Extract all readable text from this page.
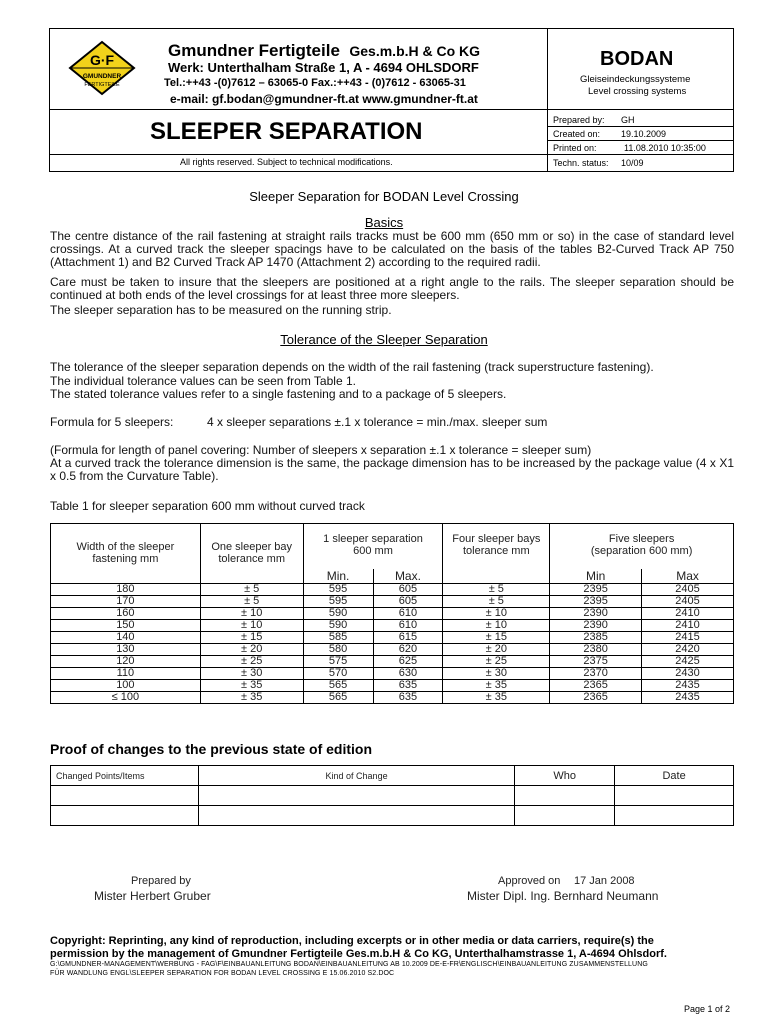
G·F
GMUNDNER
FERTIGTEILE
Gmundner Fertigteile Ges.m.b.H & Co KG
Werk: Unterthalham Straße 1, A - 4694 OHLSDORF
Tel.:++43 -(0)7612 – 63065-0 Fax.:++43 - (0)7612 - 63065-31
e-mail: gf.bodan@gmundner-ft.at www.gmundner-ft.at
BODAN
Gleiseindeckungssysteme
Level crossing systems
SLEEPER SEPARATION
All rights reserved. Subject to technical modifications.
Prepared by: GH
Created on: 19.10.2009
Printed on:	11.08.2010 10:35:00
Techn. status: 10/09
Sleeper Separation for BODAN Level Crossing
Basics
The centre distance of the rail fastening at straight rails tracks must be 600 mm (650 mm or so) in the case of standard level crossings. At a curved track the sleeper spacings have to be calculated on the basis of the tables B2-Curved Track AP 750 (Attachment 1) and B2 Curved Track AP 1470 (Attachment 2) according to the required radii.
Care must be taken to insure that the sleepers are positioned at a right angle to the rails. The sleeper separation should be continued at both ends of the level crossings for at least three more sleepers.
The sleeper separation has to be measured on the running strip.
Tolerance of the Sleeper Separation
The tolerance of the sleeper separation depends on the width of the rail fastening (track superstructure fastening).
The individual tolerance values can be seen from Table 1.
The stated tolerance values refer to a single fastening and to a package of 5 sleepers.
Formula for 5 sleepers:	4 x sleeper separations ±.1 x tolerance = min./max. sleeper sum
(Formula for length of panel covering: Number of sleepers x separation ±.1 x tolerance = sleeper sum)
At a curved track the tolerance dimension is the same, the package dimension has to be increased by the package value (4 x X1 x 0.5 from the Curvature Table).
Table 1 for sleeper separation 600 mm without curved track
Width of the sleeper
fastening mm	One sleeper bay
tolerance mm	1 sleeper separation
600 mm		Four sleeper bays
tolerance mm	Five sleepers
(separation 600 mm)	
		Min.	Max.		Min	Max
180	± 5	595	605	± 5	2395	2405
170	± 5	595	605	± 5	2395	2405
160	± 10	590	610	± 10	2390	2410
150	± 10	590	610	± 10	2390	2410
140	± 15	585	615	± 15	2385	2415
130	± 20	580	620	± 20	2380	2420
120	± 25	575	625	± 25	2375	2425
110	± 30	570	630	± 30	2370	2430
100	± 35	565	635	± 35	2365	2435
≤ 100	± 35	565	635	± 35	2365	2435
Proof of changes to the previous state of edition
Changed Points/Items	Kind of Change	Who	Date

Prepared by
Mister Herbert Gruber
Approved on 17 Jan 2008
Mister Dipl. Ing. Bernhard Neumann
Copyright: Reprinting, any kind of reproduction, including excerpts or in other media or data carriers, require(s) the
permission by the management of Gmundner Fertigteile Ges.m.b.H & Co KG, Unterthalhamstrasse 1, A-4694 Ohlsdorf.
G:\GMUNDNER-MANAGEMENT\WERBUNG - FAG\F\EINBAUANLEITUNG BODAN\EINBAUANLEITUNG AB 10.2009 DE-E-FR\ENGLISCH\EINBAUANLEITUNG ZUSAMMENSTELLUNG
FÜR WANDLUNG ENGL\SLEEPER SEPARATION FOR BODAN LEVEL CROSSING E 15.06.2010 S2.DOC
Page 1 of 2
